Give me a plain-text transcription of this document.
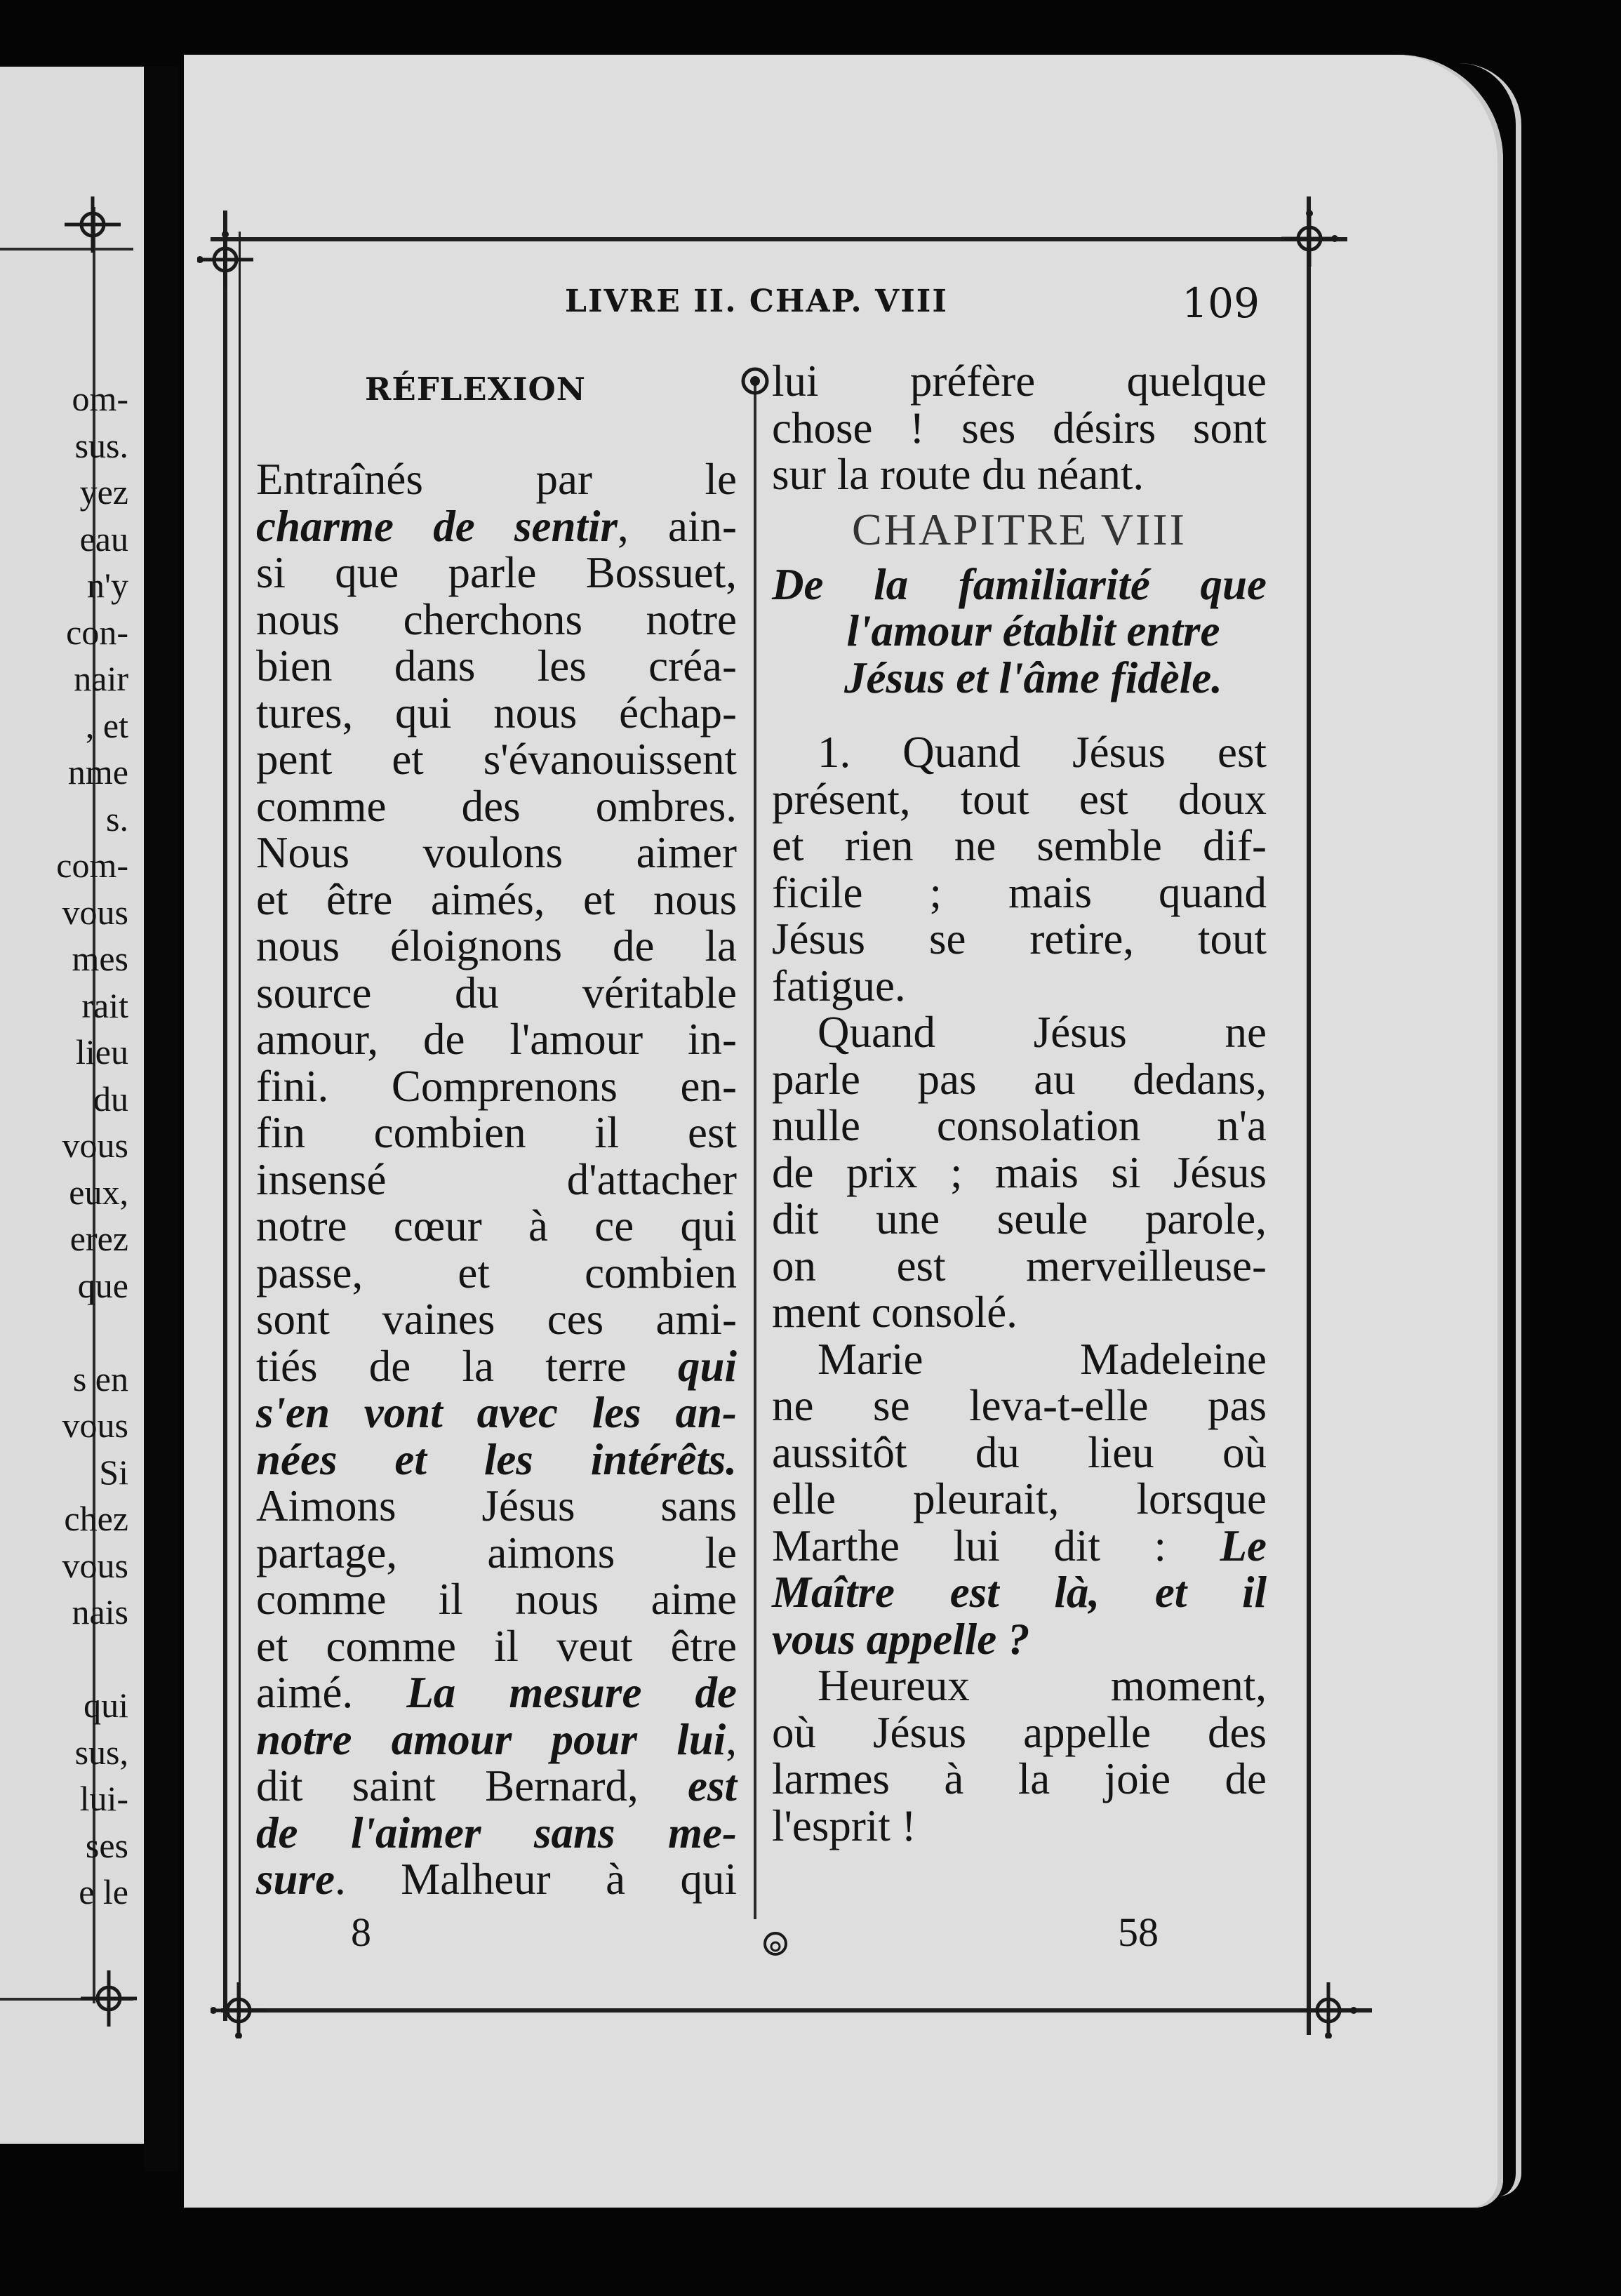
om-
sus.
yez
eau
n'y
con-
nair
, et
nme
s.
com-
vous
mes
rait
lieu
du
vous
eux,
erez
que
s en
vous
Si
chez
vous
nais
qui
sus,
lui-
ses
e le
LIVRE II. CHAP. VIII	109
RÉFLEXION
Entraînés par le
charme de sentir, ain-
si que parle Bossuet,
nous cherchons notre
bien dans les créa-
tures, qui nous échap-
pent et s'évanouissent
comme des ombres.
Nous voulons aimer
et être aimés, et nous
nous éloignons de la
source du véritable
amour, de l'amour in-
fini. Comprenons en-
fin combien il est
insensé d'attacher
notre cœur à ce qui
passe, et combien
sont vaines ces ami-
tiés de la terre qui
s'en vont avec les an-
nées et les intérêts.
Aimons Jésus sans
partage, aimons le
comme il nous aime
et comme il veut être
aimé. La mesure de
notre amour pour lui,
dit saint Bernard, est
de l'aimer sans me-
sure. Malheur à qui
lui préfère quelque
chose ! ses désirs sont
sur la route du néant.
CHAPITRE VIII
De la familiarité que
l'amour établit entre
Jésus et l'âme fidèle.
1. Quand Jésus est
présent, tout est doux
et rien ne semble dif-
ficile ; mais quand
Jésus se retire, tout
fatigue.
Quand Jésus ne
parle pas au dedans,
nulle consolation n'a
de prix ; mais si Jésus
dit une seule parole,
on est merveilleuse-
ment consolé.
Marie Madeleine
ne se leva-t-elle pas
aussitôt du lieu où
elle pleurait, lorsque
Marthe lui dit : Le
Maître est là, et il
vous appelle ?
Heureux moment,
où Jésus appelle des
larmes à la joie de
l'esprit !
8	58
